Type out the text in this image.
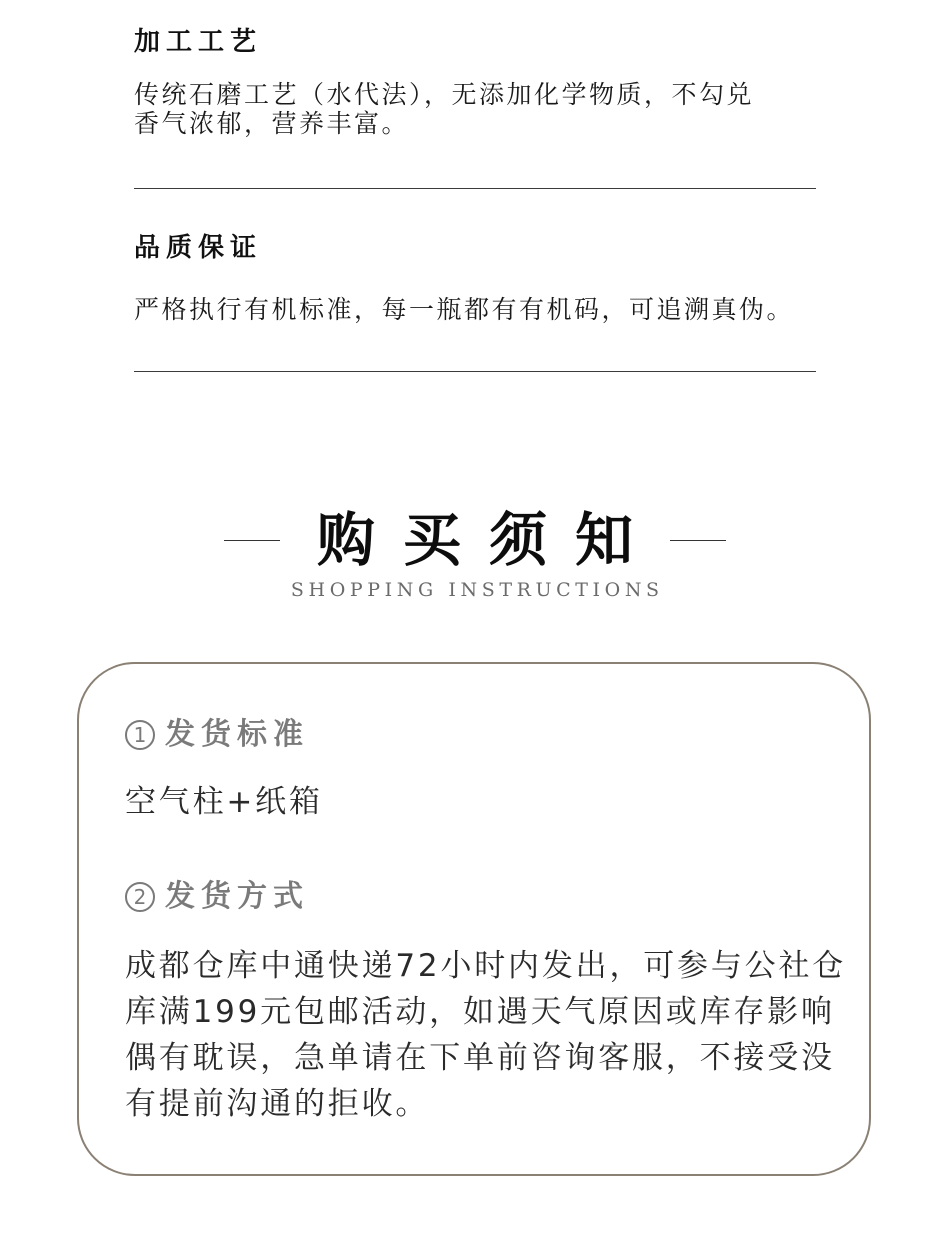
加工工艺

传统石磨工艺（水代法），无添加化学物质，不勾兑
香气浓郁，营养丰富。

品质保证

严格执行有机标准，每一瓶都有有机码，可追溯真伪。

购买须知

SHOPPING INSTRUCTIONS

1 发货标准

空气柱+纸箱

2 发货方式

成都仓库中通快递72小时内发出，可参与公社仓
库满199元包邮活动，如遇天气原因或库存影响
偶有耽误，急单请在下单前咨询客服，不接受没
有提前沟通的拒收。
